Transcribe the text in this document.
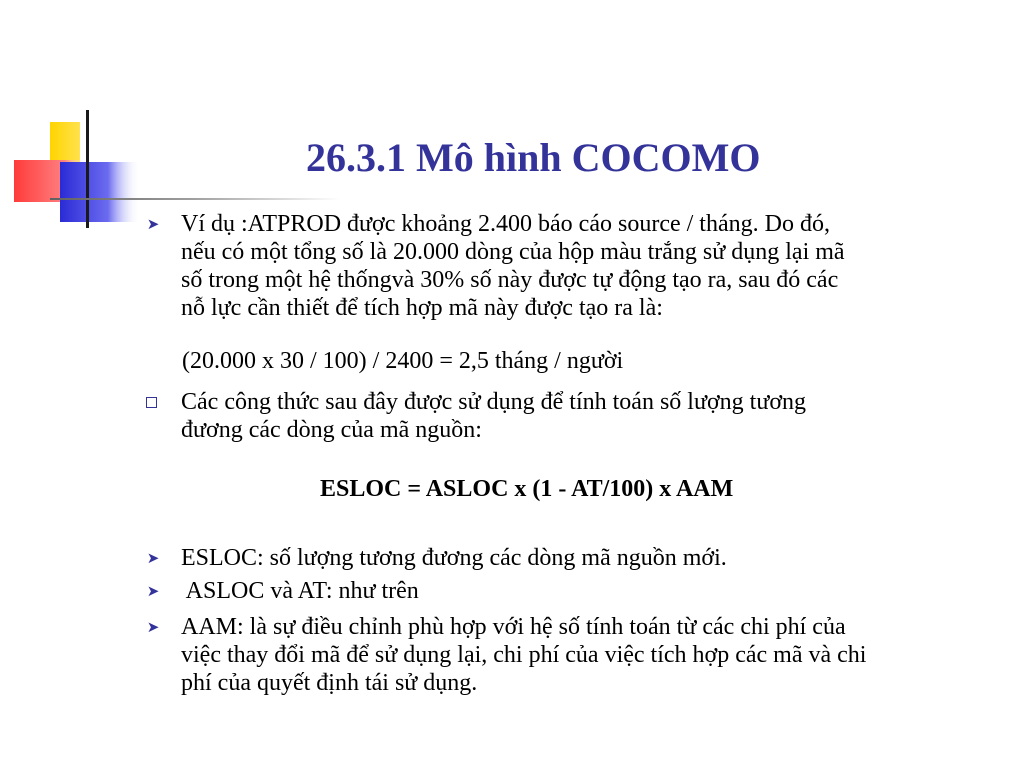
26.3.1 Mô hình COCOMO
➤ Ví dụ :ATPROD được khoảng 2.400 báo cáo source / tháng. Do đó,
nếu có một tổng số là 20.000 dòng của hộp màu trắng sử dụng lại mã
số trong một hệ thốngvà 30% số này được tự động tạo ra, sau đó các
nỗ lực cần thiết để tích hợp mã này được tạo ra là:
Các công thức sau đây được sử dụng để tính toán số lượng tương
đương các dòng của mã nguồn:
➤ ESLOC: số lượng tương đương các dòng mã nguồn mới.
➤ ASLOC và AT: như trên
➤ AAM: là sự điều chỉnh phù hợp với hệ số tính toán từ các chi phí của
việc thay đổi mã để sử dụng lại, chi phí của việc tích hợp các mã và chi
phí của quyết định tái sử dụng.
(20.000 x 30 / 100) / 2400 = 2,5 tháng / người
ESLOC = ASLOC x (1 - AT/100) x AAM
